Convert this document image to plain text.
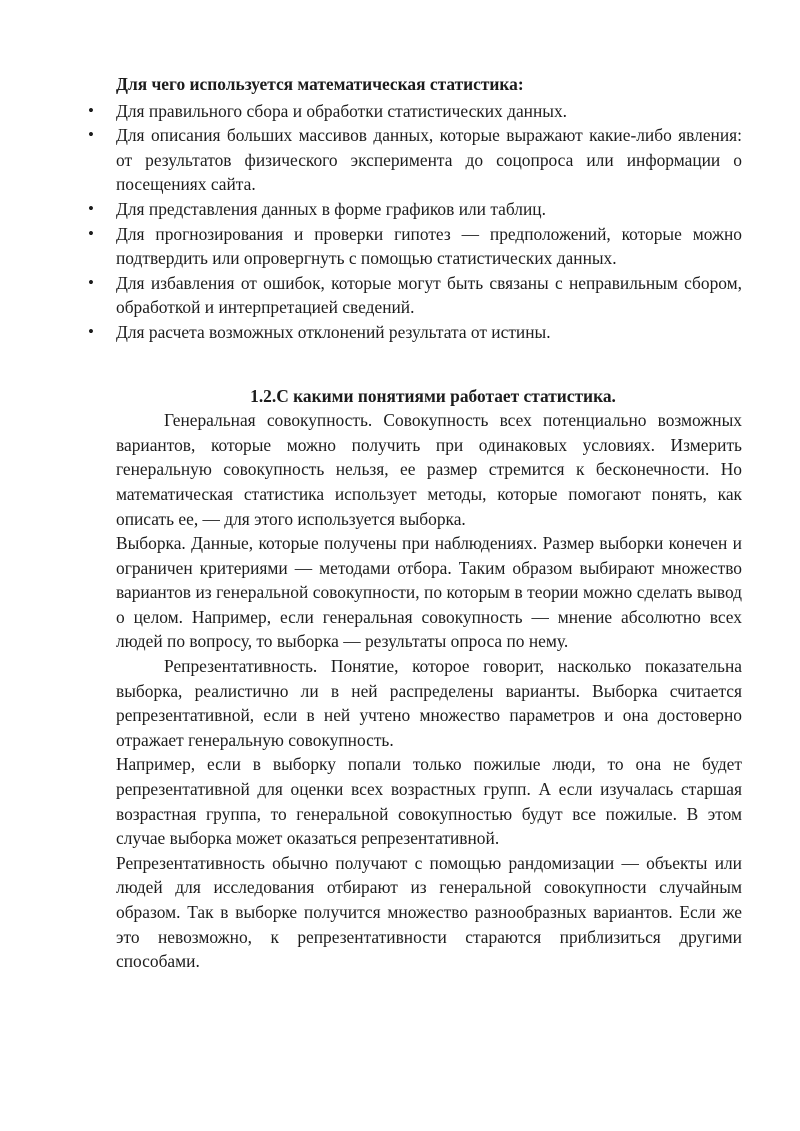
Для чего используется математическая статистика:
• Для правильного сбора и обработки статистических данных.
• Для описания больших массивов данных, которые выражают какие-либо явления: от результатов физического эксперимента до соцопроса или информации о посещениях сайта.
• Для представления данных в форме графиков или таблиц.
• Для прогнозирования и проверки гипотез — предположений, которые можно подтвердить или опровергнуть с помощью статистических данных.
• Для избавления от ошибок, которые могут быть связаны с неправильным сбором, обработкой и интерпретацией сведений.
• Для расчета возможных отклонений результата от истины.
1.2.С какими понятиями работает статистика.

Генеральная совокупность. Совокупность всех потенциально возможных вариантов, которые можно получить при одинаковых условиях. Измерить генеральную совокупность нельзя, ее размер стремится к бесконечности. Но математическая статистика использует методы, которые помогают понять, как описать ее, — для этого используется выборка.

Выборка. Данные, которые получены при наблюдениях. Размер выборки конечен и ограничен критериями — методами отбора. Таким образом выбирают множество вариантов из генеральной совокупности, по которым в теории можно сделать вывод о целом. Например, если генеральная совокупность — мнение абсолютно всех людей по вопросу, то выборка — результаты опроса по нему.

Репрезентативность. Понятие, которое говорит, насколько показательна выборка, реалистично ли в ней распределены варианты. Выборка считается репрезентативной, если в ней учтено множество параметров и она достоверно отражает генеральную совокупность.

Например, если в выборку попали только пожилые люди, то она не будет репрезентативной для оценки всех возрастных групп. А если изучалась старшая возрастная группа, то генеральной совокупностью будут все пожилые. В этом случае выборка может оказаться репрезентативной.

Репрезентативность обычно получают с помощью рандомизации — объекты или людей для исследования отбирают из генеральной совокупности случайным образом. Так в выборке получится множество разнообразных вариантов. Если же это невозможно, к репрезентативности стараются приблизиться другими способами.
